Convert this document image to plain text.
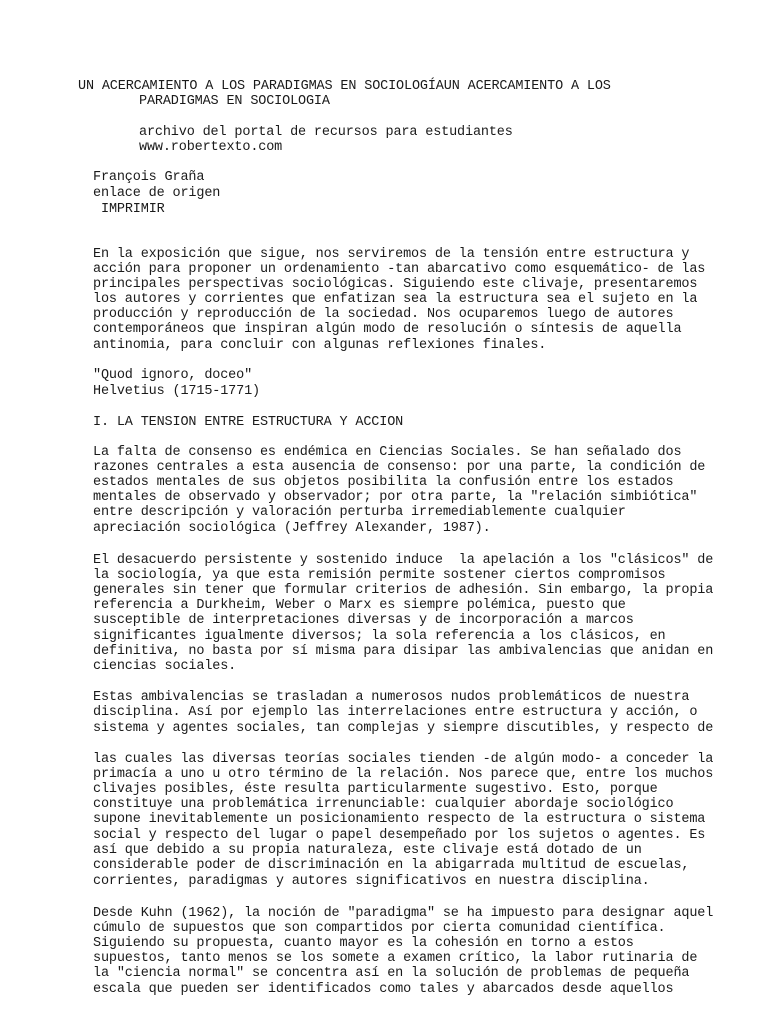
UN ACERCAMIENTO A LOS PARADIGMAS EN SOCIOLOGÍAUN ACERCAMIENTO A LOS
PARADIGMAS EN SOCIOLOGIA
archivo del portal de recursos para estudiantes
www.robertexto.com
François Graña
enlace de origen
IMPRIMIR
En la exposición que sigue, nos serviremos de la tensión entre estructura y
acción para proponer un ordenamiento -tan abarcativo como esquemático- de las
principales perspectivas sociológicas. Siguiendo este clivaje, presentaremos
los autores y corrientes que enfatizan sea la estructura sea el sujeto en la
producción y reproducción de la sociedad. Nos ocuparemos luego de autores
contemporáneos que inspiran algún modo de resolución o síntesis de aquella
antinomia, para concluir con algunas reflexiones finales.
"Quod ignoro, doceo"
Helvetius (1715-1771)
I. LA TENSION ENTRE ESTRUCTURA Y ACCION
La falta de consenso es endémica en Ciencias Sociales. Se han señalado dos
razones centrales a esta ausencia de consenso: por una parte, la condición de
estados mentales de sus objetos posibilita la confusión entre los estados
mentales de observado y observador; por otra parte, la "relación simbiótica"
entre descripción y valoración perturba irremediablemente cualquier
apreciación sociológica (Jeffrey Alexander, 1987).
El desacuerdo persistente y sostenido induce  la apelación a los "clásicos" de
la sociología, ya que esta remisión permite sostener ciertos compromisos
generales sin tener que formular criterios de adhesión. Sin embargo, la propia
referencia a Durkheim, Weber o Marx es siempre polémica, puesto que
susceptible de interpretaciones diversas y de incorporación a marcos
significantes igualmente diversos; la sola referencia a los clásicos, en
definitiva, no basta por sí misma para disipar las ambivalencias que anidan en
ciencias sociales.
Estas ambivalencias se trasladan a numerosos nudos problemáticos de nuestra
disciplina. Así por ejemplo las interrelaciones entre estructura y acción, o
sistema y agentes sociales, tan complejas y siempre discutibles, y respecto de
las cuales las diversas teorías sociales tienden -de algún modo- a conceder la
primacía a uno u otro término de la relación. Nos parece que, entre los muchos
clivajes posibles, éste resulta particularmente sugestivo. Esto, porque
constituye una problemática irrenunciable: cualquier abordaje sociológico
supone inevitablemente un posicionamiento respecto de la estructura o sistema
social y respecto del lugar o papel desempeñado por los sujetos o agentes. Es
así que debido a su propia naturaleza, este clivaje está dotado de un
considerable poder de discriminación en la abigarrada multitud de escuelas,
corrientes, paradigmas y autores significativos en nuestra disciplina.
Desde Kuhn (1962), la noción de "paradigma" se ha impuesto para designar aquel
cúmulo de supuestos que son compartidos por cierta comunidad científica.
Siguiendo su propuesta, cuanto mayor es la cohesión en torno a estos
supuestos, tanto menos se los somete a examen crítico, la labor rutinaria de
la "ciencia normal" se concentra así en la solución de problemas de pequeña
escala que pueden ser identificados como tales y abarcados desde aquellos
